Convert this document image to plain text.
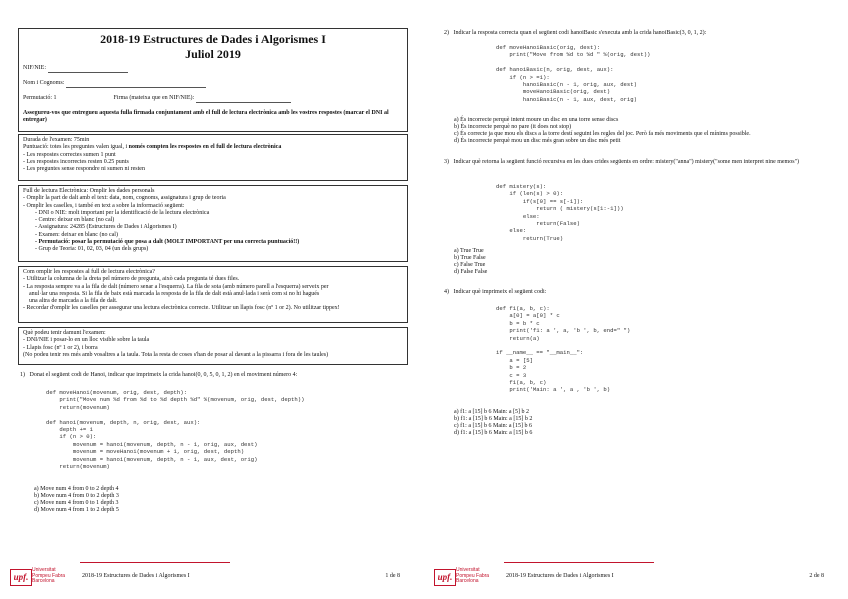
2018-19 Estructures de Dades i Algorismes I
Juliol 2019
NIF/NIE:
Nom i Cognoms:
Permutació: 1	Firma (mateixa que en NIF/NIE):
Assegureu-vos que entregueu aquesta fulla firmada conjuntament amb el full de lectura electrònica amb les vostres respostes (marcar el DNI al entregar)
Durada de l'examen: 75min
Puntuació: totes les preguntes valen igual, i només compten les respostes en el full de lectura electrònica
- Les respostes correctes sumen 1 punt
- Les respostes incorrectes resten 0.25 punts
- Les preguntes sense respondre ni sumen ni resten
Full de lectura Electrònica: Omplir les dades personals
- Omplir la part de dalt amb el text: data, nom, cognoms, assignatura i grup de teoria
- Omplir les caselles, i també en text a sobre la informació següent:
- DNI o NIE: molt important per la identificació de la lectura electrònica
- Centre: deixar en blanc (no cal)
- Assignatura: 24285 (Estructures de Dades i Algorismes I)
- Examen: deixar en blanc (no cal)
- Permutació: posar la permutació que posa a dalt (MOLT IMPORTANT per una correcta puntuació!!)
- Grup de Teoria: 01, 02, 03, 04 (un dels grups)
Com omplir les respostes al full de lectura electrònica?
- Utilitzar la columna de la dreta pel número de pregunta, això cada pregunta té dues files.
- La resposta sempre va a la fila de dalt (número senar a l'esquerra). La fila de sota (amb número parell a l'esquerra) serveix per
anul·lar una resposta. Si la fila de baix està marcada la resposta de la fila de dalt està anul·lada i serà com si no hi hagués
una altra de marcada a la fila de dalt.
- Recordar d'omplir les caselles per assegurar una lectura electrònica correcte. Utilitzar un llapis fosc (nº 1 or 2). No utilitzar tippex!
Què podeu tenir damunt l'examen:
- DNI/NIE i posar-lo en un lloc visible sobre la taula
- Llapis fosc (nº 1 or 2), i borra
(No podeu tenir res més amb vosaltres a la taula. Tota la resta de coses s'han de posar al davant a la pissarra i fora de les taules)
1) Donat el següent codi de Hanoi, indicar que imprimeix la crida hanoi(0, 0, 5, 0, 1, 2) en el moviment número 4:
def moveHanoi(movenum, orig, dest, depth):
print("Move num %d from %d to %d depth %d" %(movenum, orig, dest, depth))
return(movenum)

def hanoi(movenum, depth, n, orig, dest, aux):
depth += 1
if (n > 0):
movenum = hanoi(movenum, depth, n - 1, orig, aux, dest)
movenum = moveHanoi(movenum + 1, orig, dest, depth)
movenum = hanoi(movenum, depth, n - 1, aux, dest, orig)
return(movenum)
a) Move num 4 from 0 to 2 depth 4
b) Move num 4 from 0 to 2 depth 3
c) Move num 4 from 0 to 1 depth 3
d) Move num 4 from 1 to 2 depth 5
upf.
Universitat
Pompeu Fabra
Barcelona
2018-19 Estructures de Dades i Algorismes I	1 de 8
2) Indicar la resposta correcta quan el següent codi hanoiBasic s'executa amb la crida hanoiBasic(3, 0, 1, 2):
def moveHanoiBasic(orig, dest):
print("Move from %d to %d " %(orig, dest))

def hanoiBasic(n, orig, dest, aux):
if (n > =1):
hanoiBasic(n - 1, orig, aux, dest)
moveHanoiBasic(orig, dest)
hanoiBasic(n - 1, aux, dest, orig)
a) És incorrecte perquè intent moure un disc en una torre sense discs
b) És incorrecte perquè no pare (it does not stop)
c) És correcte ja que mou els discs a la torre destí seguint les regles del joc. Però fa més moviments que el mínims possible.
d) És incorrecte perquè mou un disc més gran sobre un disc més petit
3) Indicar què retorna la següent funció recursiva en les dues crides següents en ordre: mistery("anna") mistery("some men interpret nine memos")
def mistery(s):
if (len(s) > 0):
if(s[0] == s[-1]):
return ( mistery(s[1:-1]))
else:
return(False)
else:
return(True)
a) True True
b) True False
c) False True
d) False False
4) Indicar què imprimeix el següent codi:
def f1(a, b, c):
a[0] = a[0] * c
b = b * c
print('f1: a ', a, 'b ', b, end=" ")
return(a)

if __name__ == "__main__":
a = [5]
b = 2
c = 3
f1(a, b, c)
print('Main: a ', a , 'b ', b)
a) f1: a [15] b 6 Main: a [5] b 2
b) f1: a [15] b 6 Main: a [15] b 2
c) f1: a [15] b 6 Main: a [15] b 6
d) f1: a [15] b 6 Main: a [15] b 6
upf.
Universitat
Pompeu Fabra
Barcelona
2018-19 Estructures de Dades i Algorismes I	2 de 8
